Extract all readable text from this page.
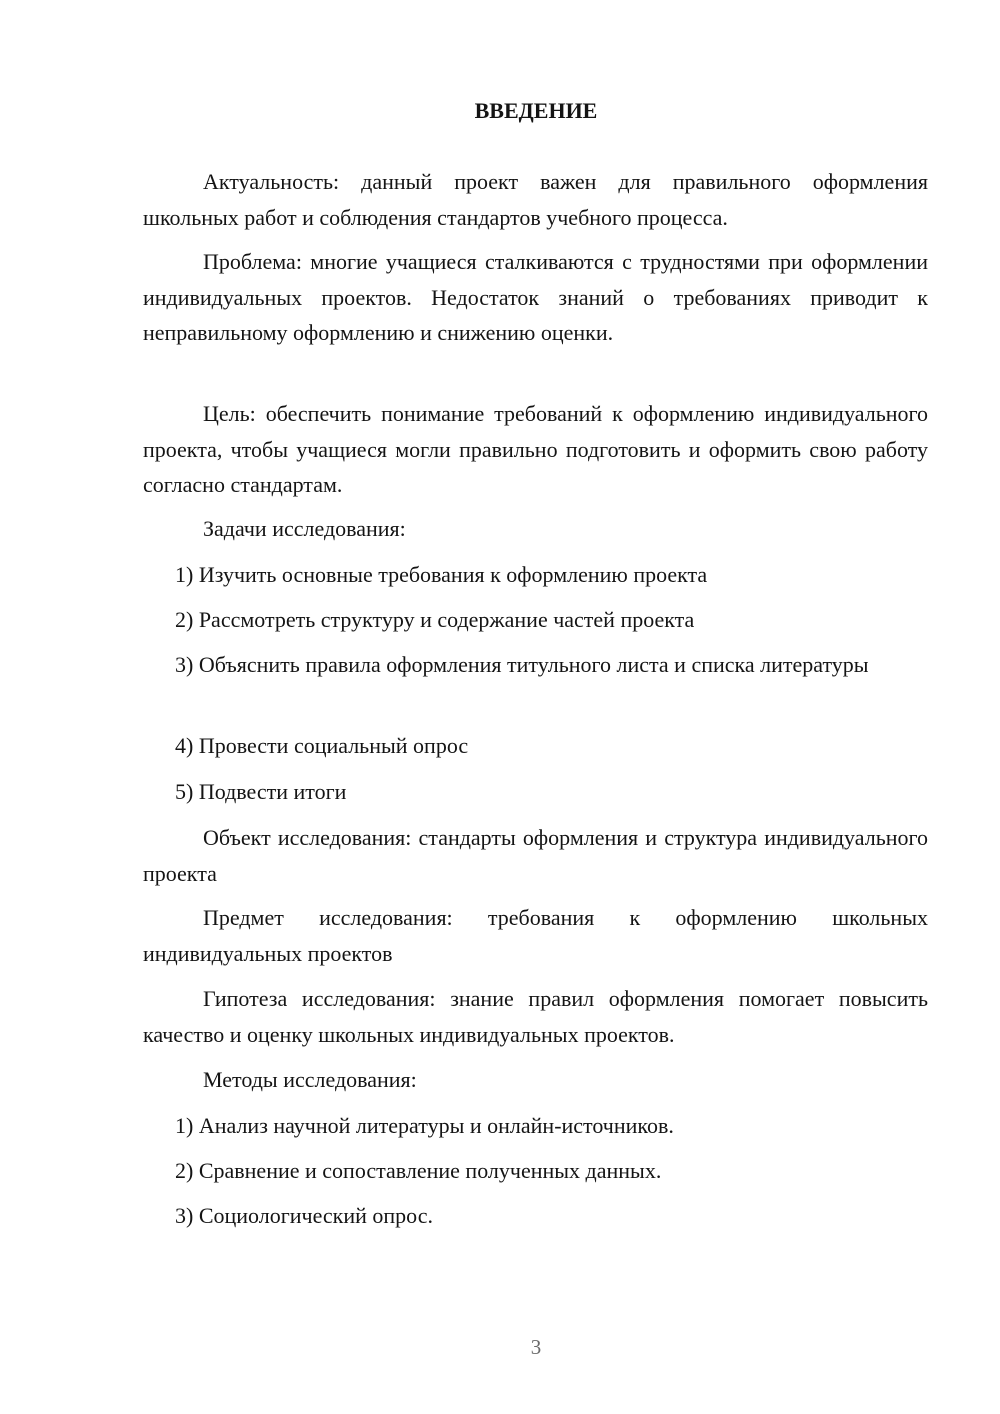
ВВЕДЕНИЕ

Актуальность: данный проект важен для правильного оформления школьных работ и соблюдения стандартов учебного процесса.

Проблема: многие учащиеся сталкиваются с трудностями при оформлении индивидуальных проектов. Недостаток знаний о требованиях приводит к неправильному оформлению и снижению оценки.

Цель: обеспечить понимание требований к оформлению индивидуального проекта, чтобы учащиеся могли правильно подготовить и оформить свою работу согласно стандартам.

Задачи исследования:

1) Изучить основные требования к оформлению проекта

2) Рассмотреть структуру и содержание частей проекта

3) Объяснить правила оформления титульного листа и списка литературы

4) Провести социальный опрос

5) Подвести итоги

Объект исследования: стандарты оформления и структура индивидуального проекта

Предмет исследования: требования к оформлению школьных индивидуальных проектов

Гипотеза исследования: знание правил оформления помогает повысить качество и оценку школьных индивидуальных проектов.

Методы исследования:

1) Анализ научной литературы и онлайн-источников.

2) Сравнение и сопоставление полученных данных.

3) Социологический опрос.

3
